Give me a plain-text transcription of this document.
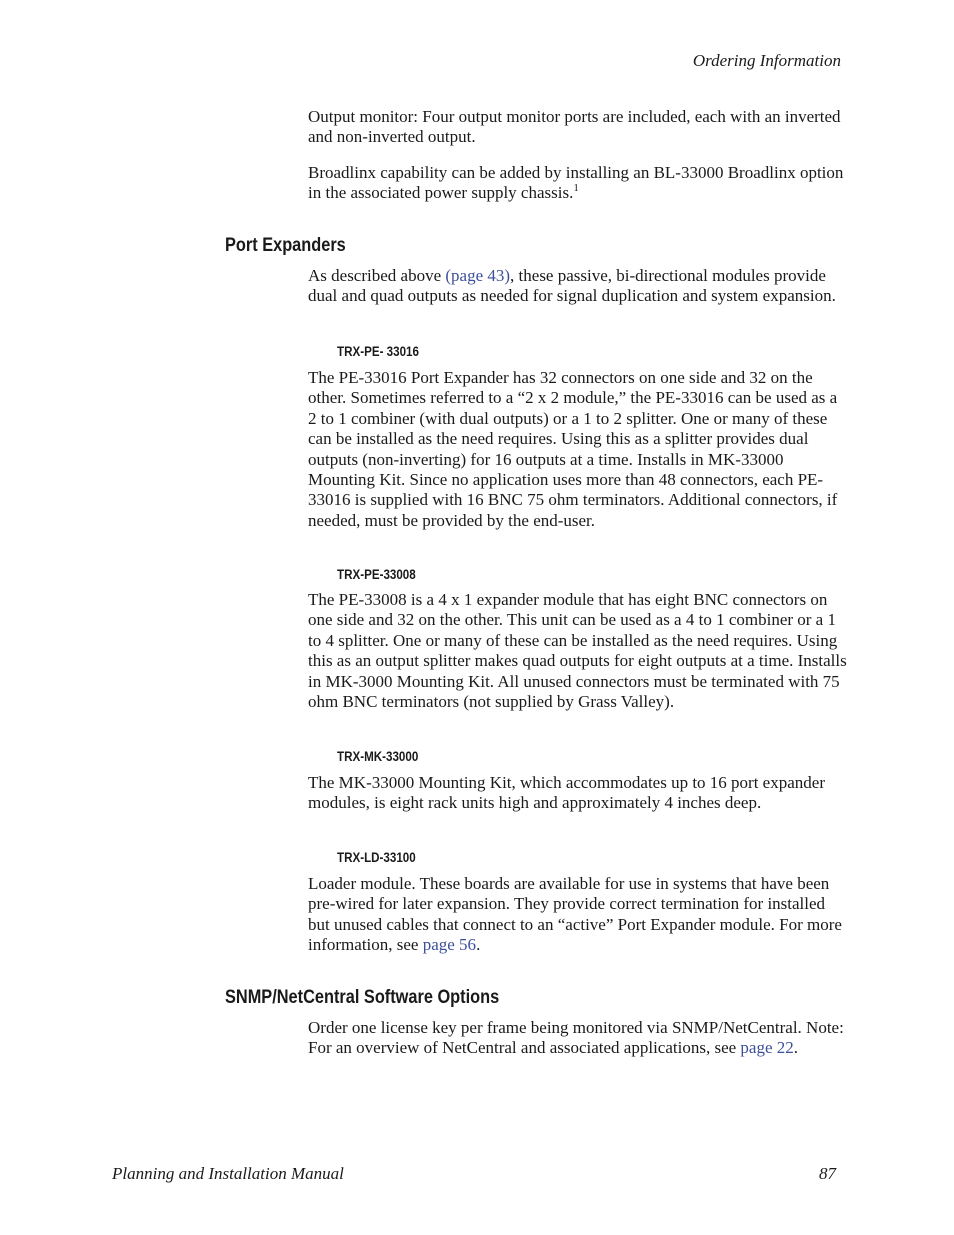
Ordering Information

Output monitor: Four output monitor ports are included, each with an inverted and non-inverted output.

Broadlinx capability can be added by installing an BL-33000 Broadlinx option in the associated power supply chassis.$^1$

Port Expanders

As described above (page 43), these passive, bi-directional modules provide dual and quad outputs as needed for signal duplication and system expansion.

TRX-PE- 33016

The PE-33016 Port Expander has 32 connectors on one side and 32 on the other. Sometimes referred to a “2 x 2 module,” the PE-33016 can be used as a 2 to 1 combiner (with dual outputs) or a 1 to 2 splitter. One or many of these can be installed as the need requires. Using this as a splitter provides dual outputs (non-inverting) for 16 outputs at a time. Installs in MK-33000 Mounting Kit. Since no application uses more than 48 connectors, each PE-33016 is supplied with 16 BNC 75 ohm terminators. Additional connectors, if needed, must be provided by the end-user.

TRX-PE-33008

The PE-33008 is a 4 x 1 expander module that has eight BNC connectors on one side and 32 on the other. This unit can be used as a 4 to 1 combiner or a 1 to 4 splitter. One or many of these can be installed as the need requires. Using this as an output splitter makes quad outputs for eight outputs at a time. Installs in MK-3000 Mounting Kit. All unused connectors must be terminated with 75 ohm BNC terminators (not supplied by Grass Valley).

TRX-MK-33000

The MK-33000 Mounting Kit, which accommodates up to 16 port expander modules, is eight rack units high and approximately 4 inches deep.

TRX-LD-33100

Loader module. These boards are available for use in systems that have been pre-wired for later expansion. They provide correct termination for installed but unused cables that connect to an “active” Port Expander module. For more information, see page 56.

SNMP/NetCentral Software Options

Order one license key per frame being monitored via SNMP/NetCentral. Note: For an overview of NetCentral and associated applications, see page 22.

Planning and Installation Manual	87
